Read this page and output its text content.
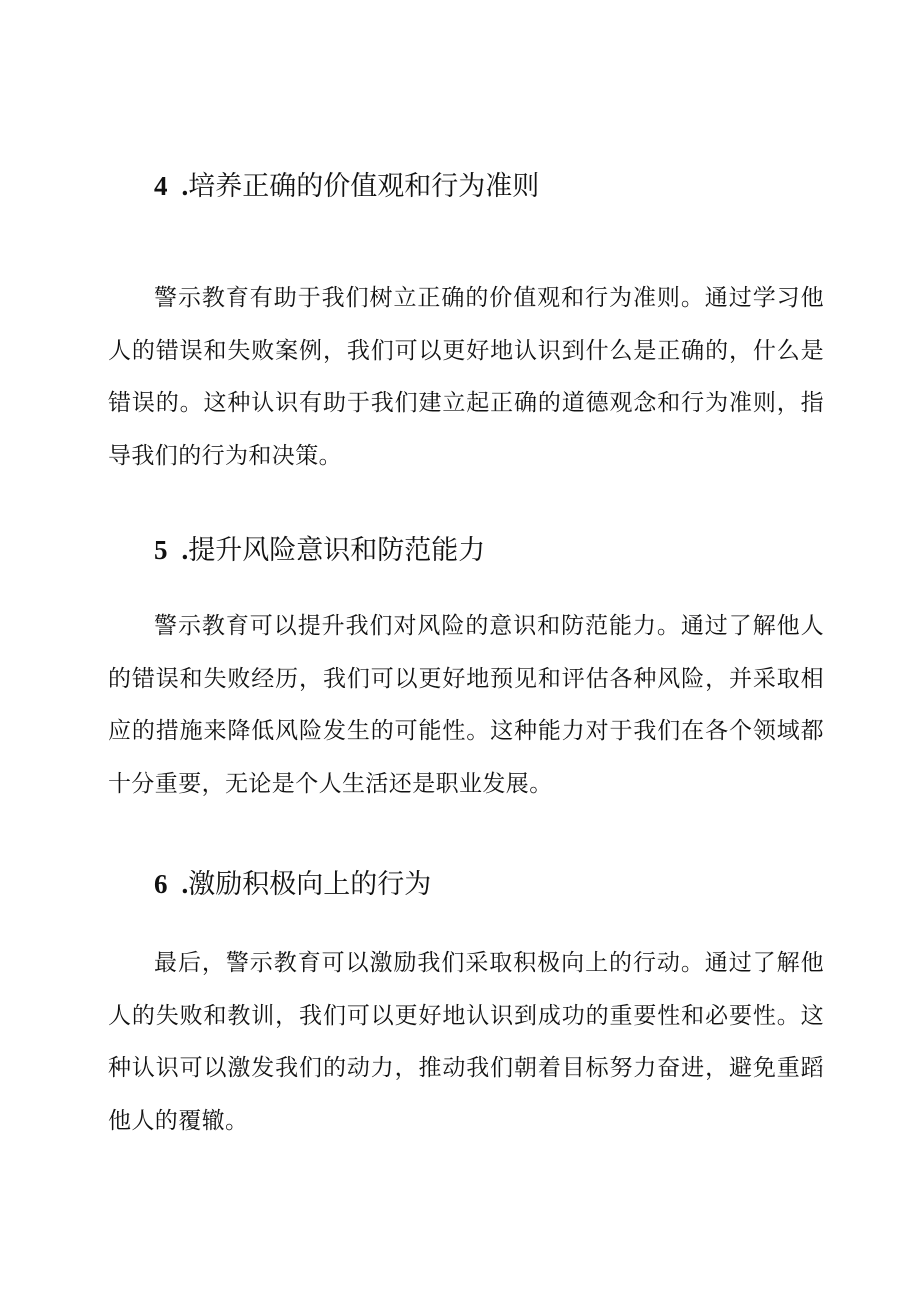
4 . 培养正确的价值观和行为准则

警示教育有助于我们树立正确的价值观和行为准则。通过学习他人的错误和失败案例，我们可以更好地认识到什么是正确的，什么是错误的。这种认识有助于我们建立起正确的道德观念和行为准则，指导我们的行为和决策。

5 . 提升风险意识和防范能力

警示教育可以提升我们对风险的意识和防范能力。通过了解他人的错误和失败经历，我们可以更好地预见和评估各种风险，并采取相应的措施来降低风险发生的可能性。这种能力对于我们在各个领域都十分重要，无论是个人生活还是职业发展。

6 . 激励积极向上的行为

最后，警示教育可以激励我们采取积极向上的行动。通过了解他人的失败和教训，我们可以更好地认识到成功的重要性和必要性。这种认识可以激发我们的动力，推动我们朝着目标努力奋进，避免重蹈他人的覆辙。
